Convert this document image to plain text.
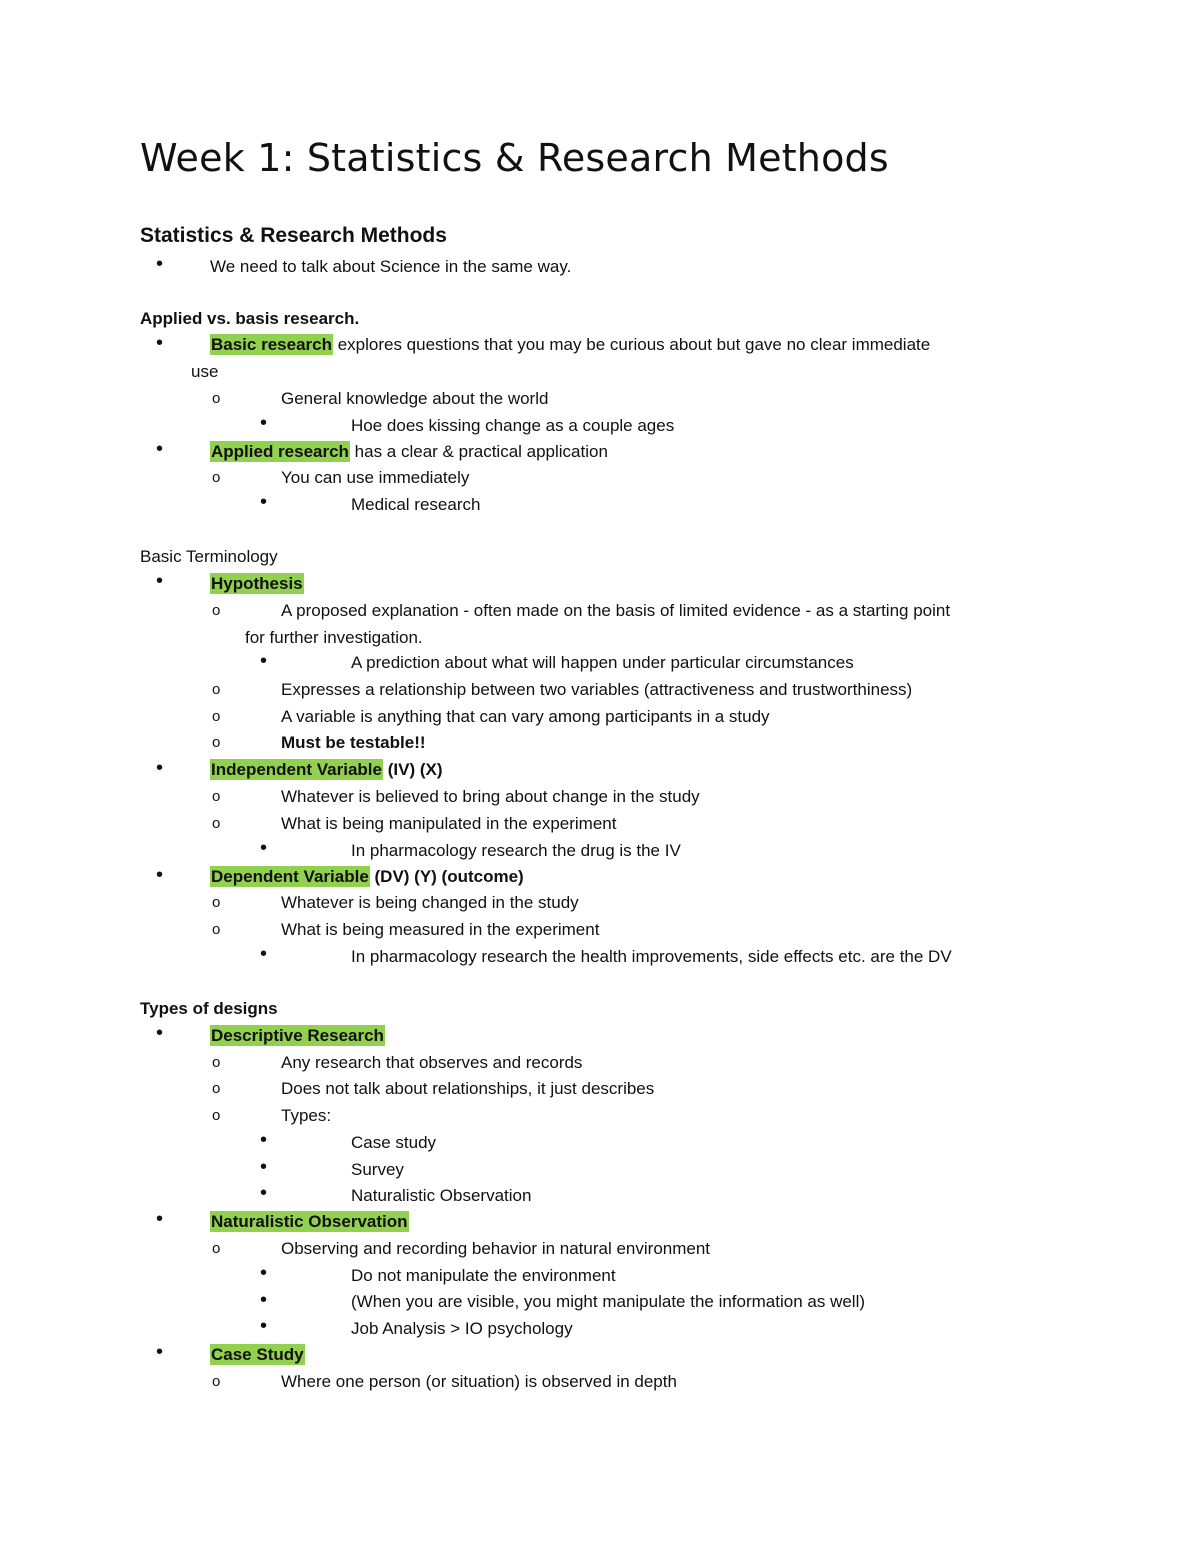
Week 1: Statistics & Research Methods
Statistics & Research Methods
•	We need to talk about Science in the same way.
Applied vs. basis research.
•	Basic research explores questions that you may be curious about but gave no clear immediate
use
o	General knowledge about the world
•	Hoe does kissing change as a couple ages
•	Applied research has a clear & practical application
o	You can use immediately
•	Medical research
Basic Terminology
•	Hypothesis
o	A proposed explanation - often made on the basis of limited evidence - as a starting point
for further investigation.
•	A prediction about what will happen under particular circumstances
o	Expresses a relationship between two variables (attractiveness and trustworthiness)
o	A variable is anything that can vary among participants in a study
o	Must be testable!!
•	Independent Variable (IV) (X)
o	Whatever is believed to bring about change in the study
o	What is being manipulated in the experiment
•	In pharmacology research the drug is the IV
•	Dependent Variable (DV) (Y) (outcome)
o	Whatever is being changed in the study
o	What is being measured in the experiment
•	In pharmacology research the health improvements, side effects etc. are the DV
Types of designs
•	Descriptive Research
o	Any research that observes and records
o	Does not talk about relationships, it just describes
o	Types:
•	Case study
•	Survey
•	Naturalistic Observation
•	Naturalistic Observation
o	Observing and recording behavior in natural environment
•	Do not manipulate the environment
•	(When you are visible, you might manipulate the information as well)
•	Job Analysis > IO psychology
•	Case Study
o	Where one person (or situation) is observed in depth
